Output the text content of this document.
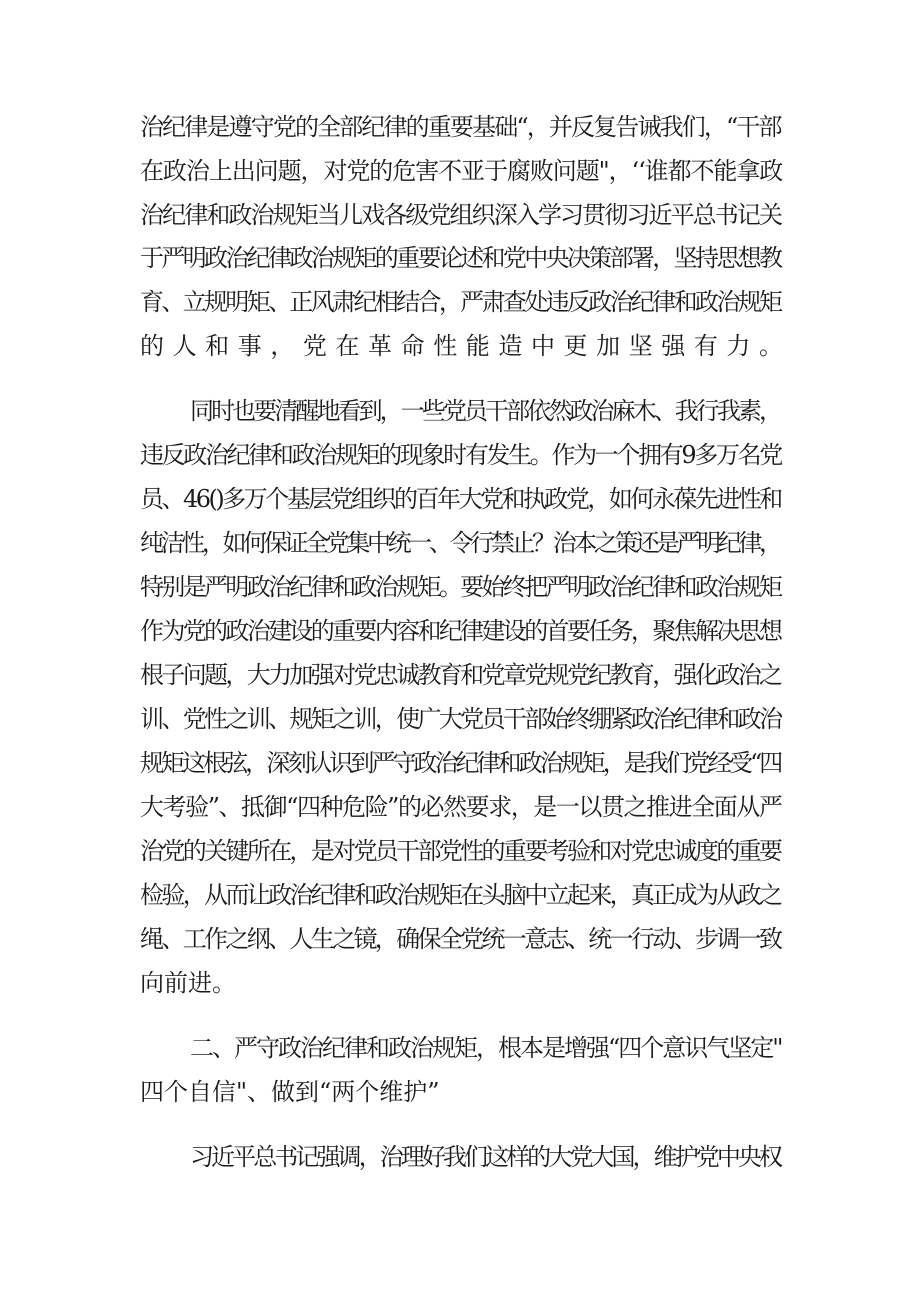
治纪律是遵守党的全部纪律的重要基础“，并反复告诫我们，“干部
在政治上出问题，对党的危害不亚于腐败问题"，‘‘谁都不能拿政
治纪律和政治规矩当儿戏各级党组织深入学习贯彻习近平总书记关
于严明政治纪律政治规矩的重要论述和党中央决策部署，坚持思想教
育、立规明矩、正风肃纪相结合，严肃查处违反政治纪律和政治规矩
的人和事，党在革命性能造中更加坚强有力。
同时也要清醒地看到，一些党员干部依然政治麻木、我行我素，
违反政治纪律和政治规矩的现象时有发生。作为一个拥有9多万名党
员、46()多万个基层党组织的百年大党和执政党，如何永葆先进性和
纯洁性，如何保证全党集中统一、令行禁止？治本之策还是严明纪律，
特别是严明政治纪律和政治规矩。要始终把严明政治纪律和政治规矩
作为党的政治建设的重要内容和纪律建设的首要任务，聚焦解决思想
根子问题，大力加强对党忠诚教育和党章党规党纪教育，强化政治之
训、党性之训、规矩之训，使广大党员干部始终绷紧政治纪律和政治
规矩这根弦，深刻认识到严守政治纪律和政治规矩，是我们党经受“四
大考验”、抵御“四种危险”的必然要求，是一以贯之推进全面从严
治党的关键所在，是对党员干部党性的重要考验和对党忠诚度的重要
检验，从而让政治纪律和政治规矩在头脑中立起来，真正成为从政之
绳、工作之纲、人生之镜，确保全党统一意志、统一行动、步调一致
向前进。
二、严守政治纪律和政治规矩，根本是增强“四个意识气坚定''
四个自信"、做到“两个维护”
习近平总书记强调，治理好我们这样的大党大国，维护党中央权
